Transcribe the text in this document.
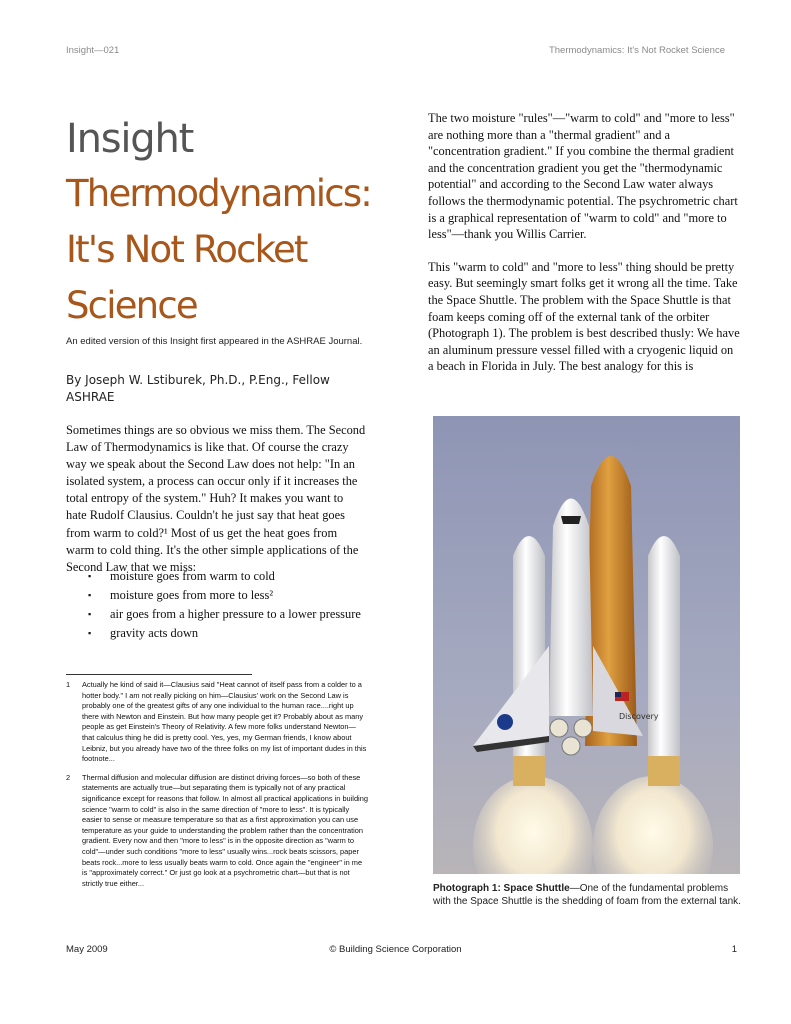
Insight—021	Thermodynamics: It's Not Rocket Science
Insight
Thermodynamics:
It's Not Rocket
Science
An edited version of this Insight first appeared in the ASHRAE Journal.
By Joseph W. Lstiburek, Ph.D., P.Eng., Fellow ASHRAE

Sometimes things are so obvious we miss them. The Second Law of Thermodynamics is like that. Of course the crazy way we speak about the Second Law does not help: "In an isolated system, a process can occur only if it increases the total entropy of the system." Huh? It makes you want to hate Rudolf Clausius. Couldn't he just say that heat goes from warm to cold?¹ Most of us get the heat goes from warm to cold thing. It's the other simple applications of the Second Law that we miss:

▪ moisture goes from warm to cold
▪ moisture goes from more to less²
▪ air goes from a higher pressure to a lower pressure
▪ gravity acts down
1 Actually he kind of said it—Clausius said "Heat cannot of itself pass from a colder to a hotter body." I am not really picking on him—Clausius' work on the Second Law is probably one of the greatest gifts of any one individual to the human race....right up there with Newton and Einstein. But how many people get it? Probably about as many people as get Einstein's Theory of Relativity. A few more folks understand Newton—that calculus thing he did is pretty cool. Yes, yes, my German friends, I know about Leibniz, but you already have two of the three folks on my list of important dudes in this footnote...
2 Thermal diffusion and molecular diffusion are distinct driving forces—so both of these statements are actually true—but separating them is typically not of any practical significance except for reasons that follow. In almost all practical applications in building science "warm to cold" is also in the same direction of "more to less". It is typically easier to sense or measure temperature so that as a first approximation you can use temperature as your guide to understanding the problem rather than the concentration gradient. Every now and then "more to less" is in the opposite direction as "warm to cold"—under such conditions "more to less" usually wins...rock beats scissors, paper beats rock...more to less usually beats warm to cold. Once again the "engineer" in me is "approximately correct." Or just go look at a psychrometric chart—but that is not strictly true either...

The two moisture "rules"—"warm to cold" and "more to less" are nothing more than a "thermal gradient" and a "concentration gradient." If you combine the thermal gradient and the concentration gradient you get the "thermodynamic potential" and according to the Second Law water always follows the thermodynamic potential. The psychrometric chart is a graphical representation of "warm to cold" and "more to less"—thank you Willis Carrier.

This "warm to cold" and "more to less" thing should be pretty easy. But seemingly smart folks get it wrong all the time. Take the Space Shuttle. The problem with the Space Shuttle is that foam keeps coming off of the external tank of the orbiter (Photograph 1). The problem is best described thusly: We have an aluminum pressure vessel filled with a cryogenic liquid on a beach in Florida in July. The best analogy for this is

Discovery
Photograph 1: Space Shuttle—One of the fundamental problems with the Space Shuttle is the shedding of foam from the external tank.
May 2009	© Building Science Corporation	1
